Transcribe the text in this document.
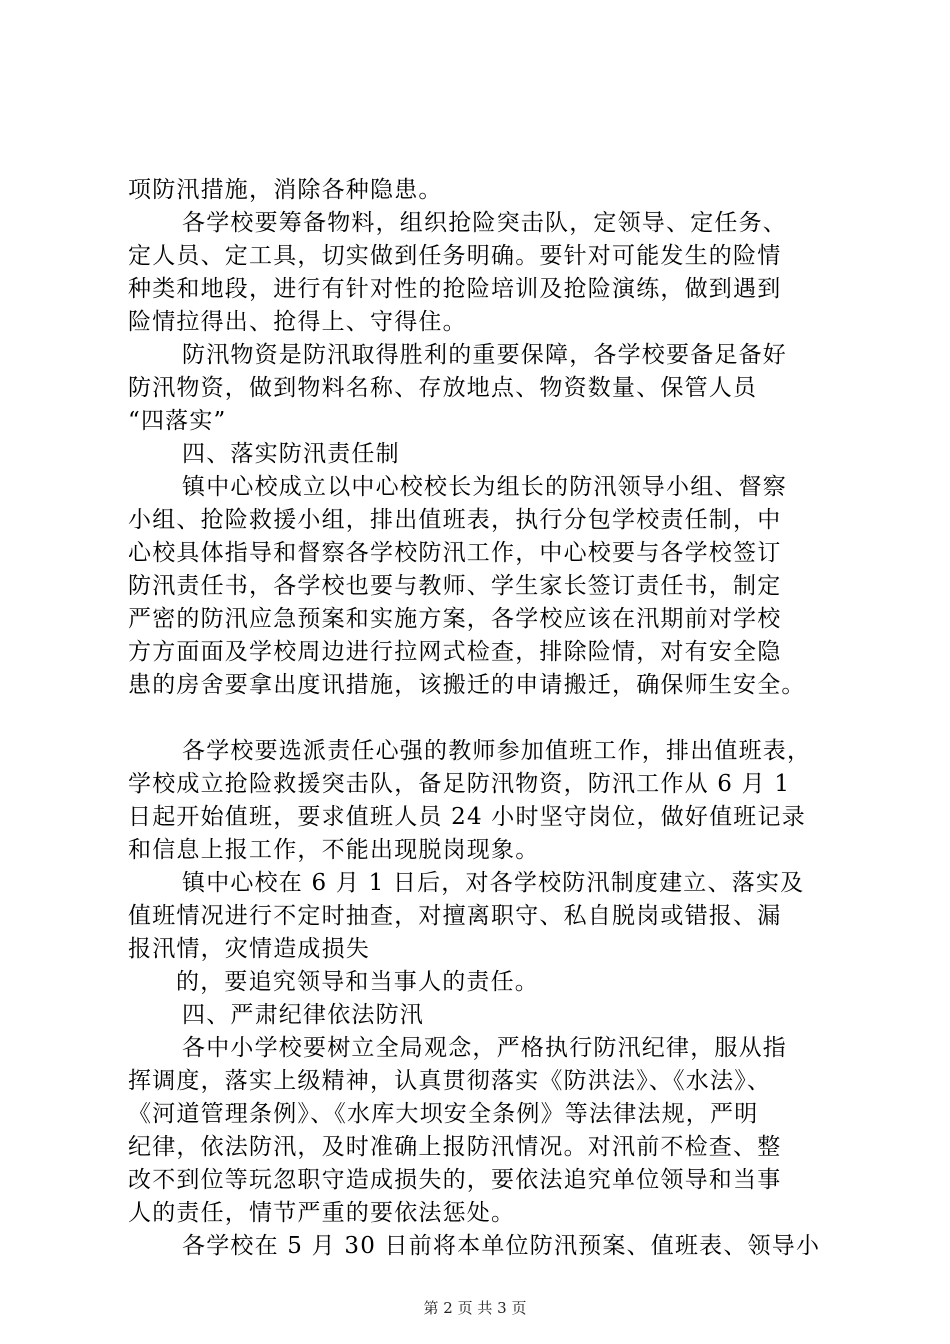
项防汛措施，消除各种隐患。
各学校要筹备物料，组织抢险突击队，定领导、定任务、
定人员、定工具，切实做到任务明确。要针对可能发生的险情
种类和地段，进行有针对性的抢险培训及抢险演练，做到遇到
险情拉得出、抢得上、守得住。
防汛物资是防汛取得胜利的重要保障，各学校要备足备好
防汛物资，做到物料名称、存放地点、物资数量、保管人员
“四落实”
四、落实防汛责任制
镇中心校成立以中心校校长为组长的防汛领导小组、督察
小组、抢险救援小组，排出值班表，执行分包学校责任制，中
心校具体指导和督察各学校防汛工作，中心校要与各学校签订
防汛责任书，各学校也要与教师、学生家长签订责任书，制定
严密的防汛应急预案和实施方案，各学校应该在汛期前对学校
方方面面及学校周边进行拉网式检查，排除险情，对有安全隐
患的房舍要拿出度讯措施，该搬迁的申请搬迁，确保师生安全。
各学校要选派责任心强的教师参加值班工作，排出值班表，
学校成立抢险救援突击队，备足防汛物资，防汛工作从 6 月 1
日起开始值班，要求值班人员 24 小时坚守岗位，做好值班记录
和信息上报工作，不能出现脱岗现象。
镇中心校在 6 月 1 日后，对各学校防汛制度建立、落实及
值班情况进行不定时抽查，对擅离职守、私自脱岗或错报、漏
报汛情，灾情造成损失
的，要追究领导和当事人的责任。
四、严肃纪律依法防汛
各中小学校要树立全局观念，严格执行防汛纪律，服从指
挥调度，落实上级精神，认真贯彻落实《防洪法》、《水法》、
《河道管理条例》、《水库大坝安全条例》等法律法规，严明
纪律，依法防汛，及时准确上报防汛情况。对汛前不检查、整
改不到位等玩忽职守造成损失的，要依法追究单位领导和当事
人的责任，情节严重的要依法惩处。
各学校在 5 月 30 日前将本单位防汛预案、值班表、领导小
第 2 页 共 3 页
